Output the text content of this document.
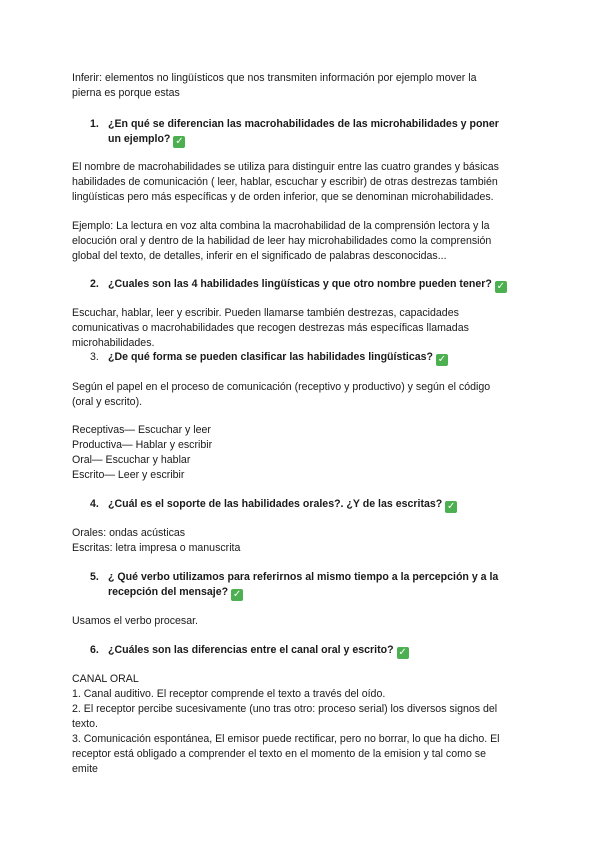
Inferir: elementos no lingüísticos que nos transmiten información por ejemplo mover la
pierna es porque estas
1. ¿En qué se diferencian las macrohabilidades de las microhabilidades y poner
un ejemplo? ✓
El nombre de macrohabilidades se utiliza para distinguir entre las cuatro grandes y básicas
habilidades de comunicación ( leer, hablar, escuchar y escribir) de otras destrezas también
lingüísticas pero más específicas y de orden inferior, que se denominan microhabilidades.
Ejemplo: La lectura en voz alta combina la macrohabilidad de la comprensión lectora y la
elocución oral y dentro de la habilidad de leer hay microhabilidades como la comprensión
global del texto, de detalles, inferir en el significado de palabras desconocidas...
2. ¿Cuales son las 4 habilidades lingüísticas y que otro nombre pueden tener? ✓
Escuchar, hablar, leer y escribir. Pueden llamarse también destrezas, capacidades
comunicativas o macrohabilidades que recogen destrezas más específicas llamadas
microhabilidades.
3. ¿De qué forma se pueden clasificar las habilidades lingüísticas? ✓
Según el papel en el proceso de comunicación (receptivo y productivo) y según el código
(oral y escrito).
Receptivas— Escuchar y leer
Productiva— Hablar y escribir
Oral— Escuchar y hablar
Escrito— Leer y escribir
4. ¿Cuál es el soporte de las habilidades orales?. ¿Y de las escritas? ✓
Orales: ondas acústicas
Escritas: letra impresa o manuscrita
5. ¿ Qué verbo utilizamos para referirnos al mismo tiempo a la percepción y a la
recepción del mensaje? ✓
Usamos el verbo procesar.
6. ¿Cuáles son las diferencias entre el canal oral y escrito? ✓
CANAL ORAL
1. Canal auditivo. El receptor comprende el texto a través del oído.
2. El receptor percibe sucesivamente (uno tras otro: proceso serial) los diversos signos del
texto.
3. Comunicación espontánea, El emisor puede rectificar, pero no borrar, lo que ha dicho. El
receptor está obligado a comprender el texto en el momento de la emision y tal como se
emite
